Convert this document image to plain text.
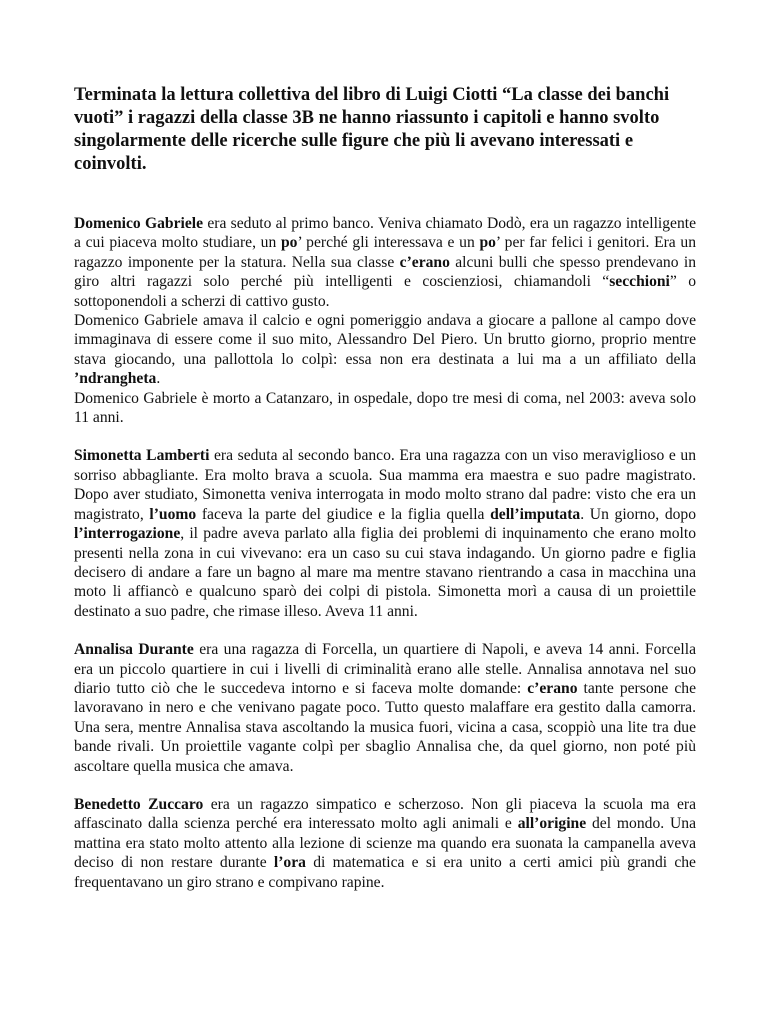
Terminata la lettura collettiva del libro di Luigi Ciotti “La classe dei banchi vuoti” i ragazzi della classe 3B ne hanno riassunto i capitoli e hanno svolto singolarmente delle ricerche sulle figure che più li avevano interessati e coinvolti.

Domenico Gabriele era seduto al primo banco. Veniva chiamato Dodò, era un ragazzo intelligente a cui piaceva molto studiare, un po’ perché gli interessava e un po’ per far felici i genitori. Era un ragazzo imponente per la statura. Nella sua classe c’erano alcuni bulli che spesso prendevano in giro altri ragazzi solo perché più intelligenti e coscienziosi, chiamandoli “secchioni” o sottoponendoli a scherzi di cattivo gusto.

Domenico Gabriele amava il calcio e ogni pomeriggio andava a giocare a pallone al campo dove immaginava di essere come il suo mito, Alessandro Del Piero. Un brutto giorno, proprio mentre stava giocando, una pallottola lo colpì: essa non era destinata a lui ma a un affiliato della ’ndrangheta.

Domenico Gabriele è morto a Catanzaro, in ospedale, dopo tre mesi di coma, nel 2003: aveva solo 11 anni.

Simonetta Lamberti era seduta al secondo banco. Era una ragazza con un viso meraviglioso e un sorriso abbagliante. Era molto brava a scuola. Sua mamma era maestra e suo padre magistrato. Dopo aver studiato, Simonetta veniva interrogata in modo molto strano dal padre: visto che era un magistrato, l’uomo faceva la parte del giudice e la figlia quella dell’imputata. Un giorno, dopo l’interrogazione, il padre aveva parlato alla figlia dei problemi di inquinamento che erano molto presenti nella zona in cui vivevano: era un caso su cui stava indagando. Un giorno padre e figlia decisero di andare a fare un bagno al mare ma mentre stavano rientrando a casa in macchina una moto li affiancò e qualcuno sparò dei colpi di pistola. Simonetta morì a causa di un proiettile destinato a suo padre, che rimase illeso. Aveva 11 anni.

Annalisa Durante era una ragazza di Forcella, un quartiere di Napoli, e aveva 14 anni. Forcella era un piccolo quartiere in cui i livelli di criminalità erano alle stelle. Annalisa annotava nel suo diario tutto ciò che le succedeva intorno e si faceva molte domande: c’erano tante persone che lavoravano in nero e che venivano pagate poco. Tutto questo malaffare era gestito dalla camorra. Una sera, mentre Annalisa stava ascoltando la musica fuori, vicina a casa, scoppiò una lite tra due bande rivali. Un proiettile vagante colpì per sbaglio Annalisa che, da quel giorno, non poté più ascoltare quella musica che amava.

Benedetto Zuccaro era un ragazzo simpatico e scherzoso. Non gli piaceva la scuola ma era affascinato dalla scienza perché era interessato molto agli animali e all’origine del mondo. Una mattina era stato molto attento alla lezione di scienze ma quando era suonata la campanella aveva deciso di non restare durante l’ora di matematica e si era unito a certi amici più grandi che frequentavano un giro strano e compivano rapine.
